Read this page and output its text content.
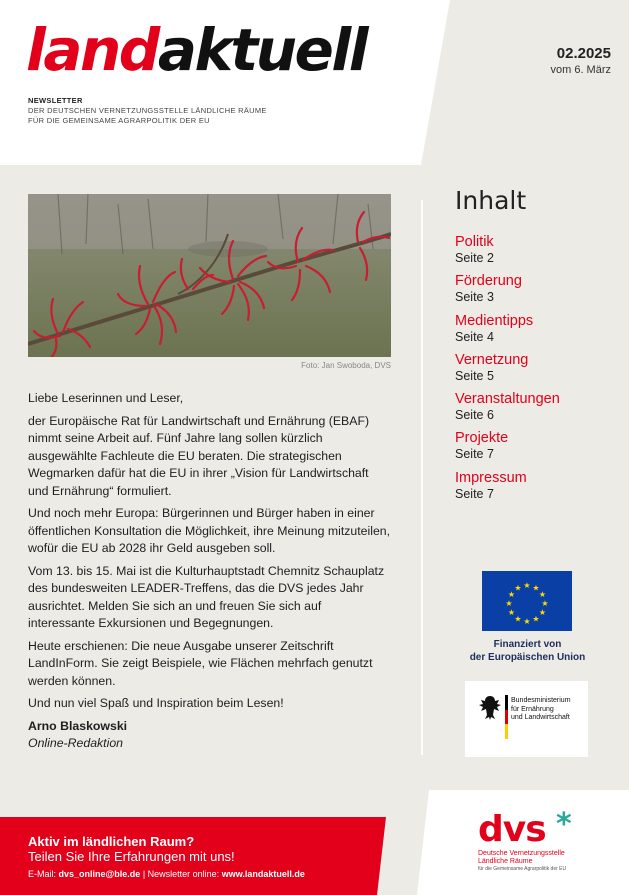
landaktuell
NEWSLETTER
DER DEUTSCHEN VERNETZUNGSSTELLE LÄNDLICHE RÄUME
FÜR DIE GEMEINSAME AGRARPOLITIK DER EU
02.2025
vom 6. März
Foto: Jan Swoboda, DVS

Liebe Leserinnen und Leser,

der Europäische Rat für Landwirtschaft und Ernährung (EBAF) nimmt seine Arbeit auf. Fünf Jahre lang sollen kürzlich ausgewählte Fachleute die EU beraten. Die strategischen Wegmarken dafür hat die EU in ihrer „Vision für Landwirtschaft und Ernährung“ formuliert.

Und noch mehr Europa: Bürgerinnen und Bürger haben in einer öffentlichen Konsultation die Möglichkeit, ihre Meinung mitzuteilen, wofür die EU ab 2028 ihr Geld ausgeben soll.

Vom 13. bis 15. Mai ist die Kulturhauptstadt Chemnitz Schauplatz des bundesweiten LEADER-Treffens, das die DVS jedes Jahr ausrichtet. Melden Sie sich an und freuen Sie sich auf interessante Exkursionen und Begegnungen.

Heute erschienen: Die neue Ausgabe unserer Zeitschrift LandInForm. Sie zeigt Beispiele, wie Flächen mehrfach genutzt werden können.

Und nun viel Spaß und Inspiration beim Lesen!

Arno Blaskowski
Online-Redaktion
Inhalt
Politik
Seite 2
Förderung
Seite 3
Medientipps
Seite 4
Vernetzung
Seite 5
Veranstaltungen
Seite 6
Projekte
Seite 7
Impressum
Seite 7
★ ★
★
★
★
★
★
★
★
★
★
★
Finanziert von
der Europäischen Union
Bundesministerium
für Ernährung
und Landwirtschaft
Aktiv im ländlichen Raum?
Teilen Sie Ihre Erfahrungen mit uns!
E-Mail: dvs_online@ble.de | Newsletter online: www.landaktuell.de
dvs *
Deutsche Vernetzungsstelle
Ländliche Räume
für die Gemeinsame Agrarpolitik der EU
